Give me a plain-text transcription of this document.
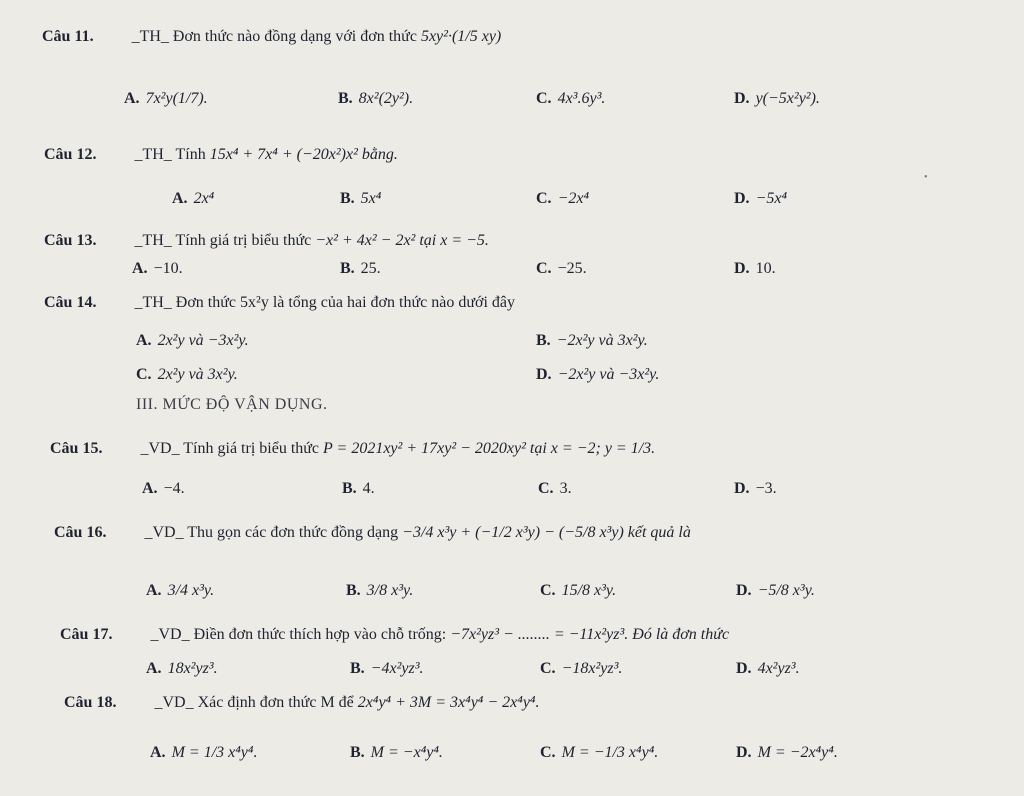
Câu 11. _TH_ Đơn thức nào đồng dạng với đơn thức 5xy²·(1/5 xy)
A. 7x²y(1/7).	B. 8x²(2y²).	C. 4x³.6y³.	D. y(−5x²y²).
Câu 12. _TH_ Tính 15x⁴ + 7x⁴ + (−20x²)x² bằng.
A. 2x⁴	B. 5x⁴	C. −2x⁴	D. −5x⁴
•
Câu 13. _TH_ Tính giá trị biểu thức −x² + 4x² − 2x² tại x = −5.
A. −10.	B. 25.	C. −25.	D. 10.
Câu 14. _TH_ Đơn thức 5x²y là tổng của hai đơn thức nào dưới đây
A. 2x²y và −3x²y.	B. −2x²y và 3x²y.
C. 2x²y và 3x²y.	D. −2x²y và −3x²y.
III. MỨC ĐỘ VẬN DỤNG.
Câu 15. _VD_ Tính giá trị biểu thức P = 2021xy² + 17xy² − 2020xy² tại x = −2; y = 1/3.
A. −4.	B. 4.	C. 3.	D. −3.
Câu 16. _VD_ Thu gọn các đơn thức đồng dạng −3/4 x³y + (−1/2 x³y) − (−5/8 x³y) kết quả là
A. 3/4 x³y.	B. 3/8 x³y.	C. 15/8 x³y.	D. −5/8 x³y.
Câu 17. _VD_ Điền đơn thức thích hợp vào chỗ trống: −7x²yz³ − ........ = −11x²yz³. Đó là đơn thức
A. 18x²yz³.	B. −4x²yz³.	C. −18x²yz³.	D. 4x²yz³.
Câu 18. _VD_ Xác định đơn thức M để 2x⁴y⁴ + 3M = 3x⁴y⁴ − 2x⁴y⁴.
A. M = 1/3 x⁴y⁴.	B. M = −x⁴y⁴.	C. M = −1/3 x⁴y⁴.	D. M = −2x⁴y⁴.
